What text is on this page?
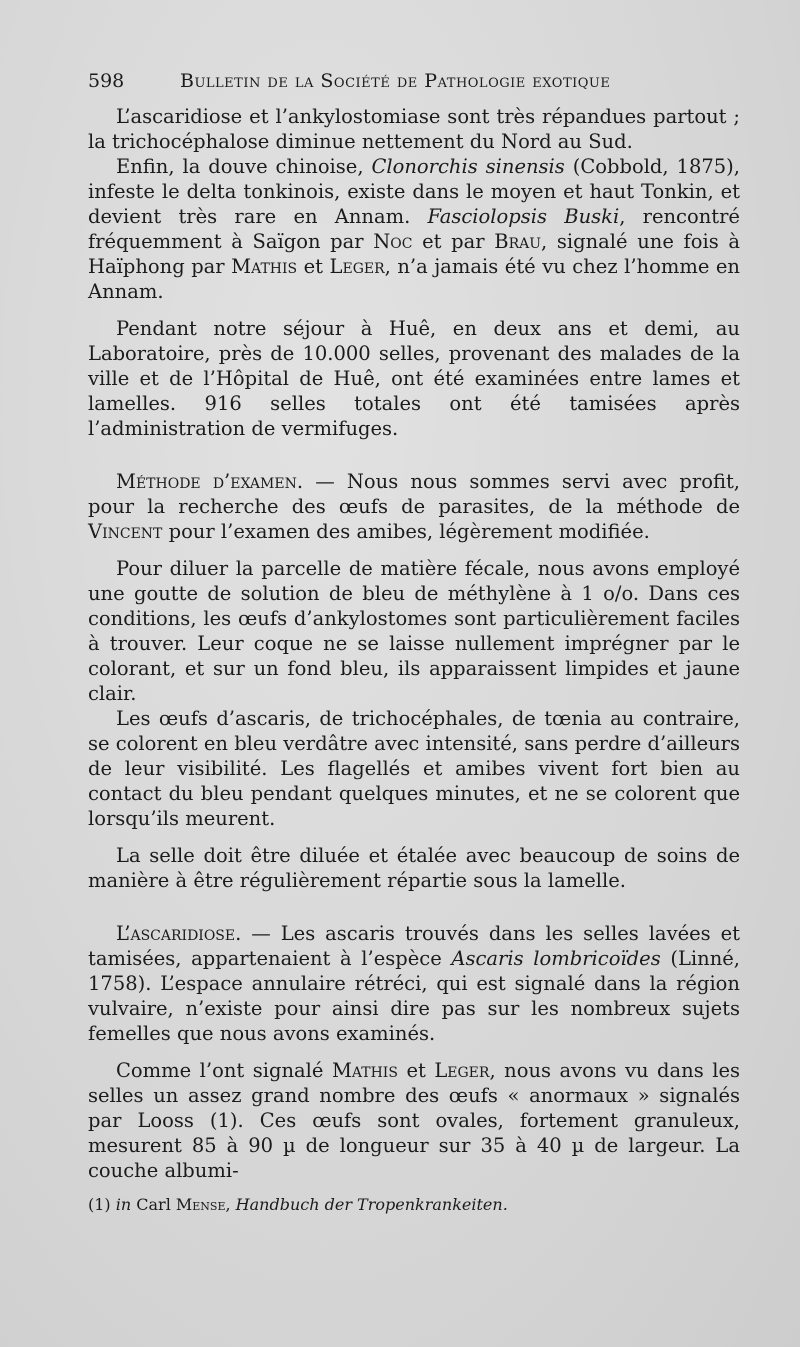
598	Bulletin de la Société de Pathologie exotique

L’ascaridiose et l’ankylostomiase sont très répandues partout ; la trichocéphalose diminue nettement du Nord au Sud.

Enfin, la douve chinoise, Clonorchis sinensis (Cobbold, 1875), infeste le delta tonkinois, existe dans le moyen et haut Tonkin, et devient très rare en Annam. Fasciolopsis Buski, rencontré fréquemment à Saïgon par Noc et par Brau, signalé une fois à Haïphong par Mathis et Leger, n’a jamais été vu chez l’homme en Annam.

Pendant notre séjour à Huê, en deux ans et demi, au Laboratoire, près de 10.000 selles, provenant des malades de la ville et de l’Hôpital de Huê, ont été examinées entre lames et lamelles. 916 selles totales ont été tamisées après l’administration de vermifuges.

Méthode d’examen. — Nous nous sommes servi avec profit, pour la recherche des œufs de parasites, de la méthode de Vincent pour l’examen des amibes, légèrement modifiée.

Pour diluer la parcelle de matière fécale, nous avons employé une goutte de solution de bleu de méthylène à 1 o/o. Dans ces conditions, les œufs d’ankylostomes sont particulièrement faciles à trouver. Leur coque ne se laisse nullement imprégner par le colorant, et sur un fond bleu, ils apparaissent limpides et jaune clair.

Les œufs d’ascaris, de trichocéphales, de tœnia au contraire, se colorent en bleu verdâtre avec intensité, sans perdre d’ailleurs de leur visibilité. Les flagellés et amibes vivent fort bien au contact du bleu pendant quelques minutes, et ne se colorent que lorsqu’ils meurent.

La selle doit être diluée et étalée avec beaucoup de soins de manière à être régulièrement répartie sous la lamelle.

L’ascaridiose. — Les ascaris trouvés dans les selles lavées et tamisées, appartenaient à l’espèce Ascaris lombricoïdes (Linné, 1758). L’espace annulaire rétréci, qui est signalé dans la région vulvaire, n’existe pour ainsi dire pas sur les nombreux sujets femelles que nous avons examinés.

Comme l’ont signalé Mathis et Leger, nous avons vu dans les selles un assez grand nombre des œufs « anormaux » signalés par Looss (1). Ces œufs sont ovales, fortement granuleux, mesurent 85 à 90 µ de longueur sur 35 à 40 µ de largeur. La couche albumi-

(1) in Carl Mense, Handbuch der Tropenkrankeiten.
